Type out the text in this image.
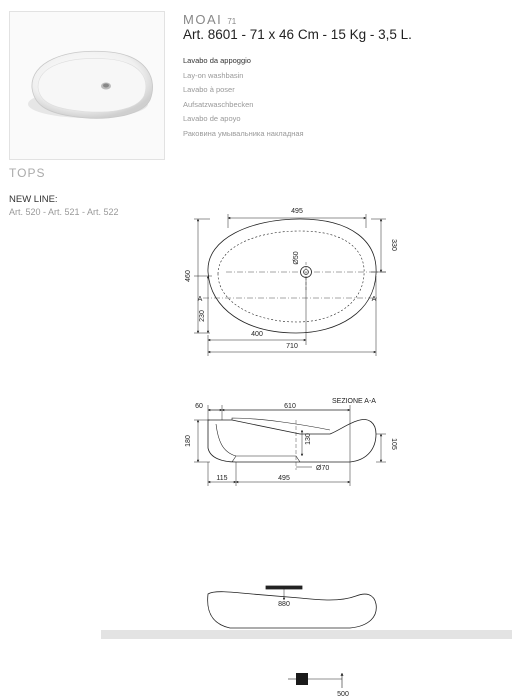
MOAI 71
Art. 8601 - 71 x 46 Cm - 15 Kg - 3,5 L.
Lavabo da appoggio
Lay-on washbasin
Lavabo à poser
Aufsatzwaschbecken
Lavabo de apoyo
Раковина умывальника накладная
TOPS
NEW LINE:
Art. 520 - Art. 521 - Art. 522	495
330
460
230
Ø50
400
710
A	A
SEZIONE A-A
60	610
180	130	105
Ø70
115	495
880
500
